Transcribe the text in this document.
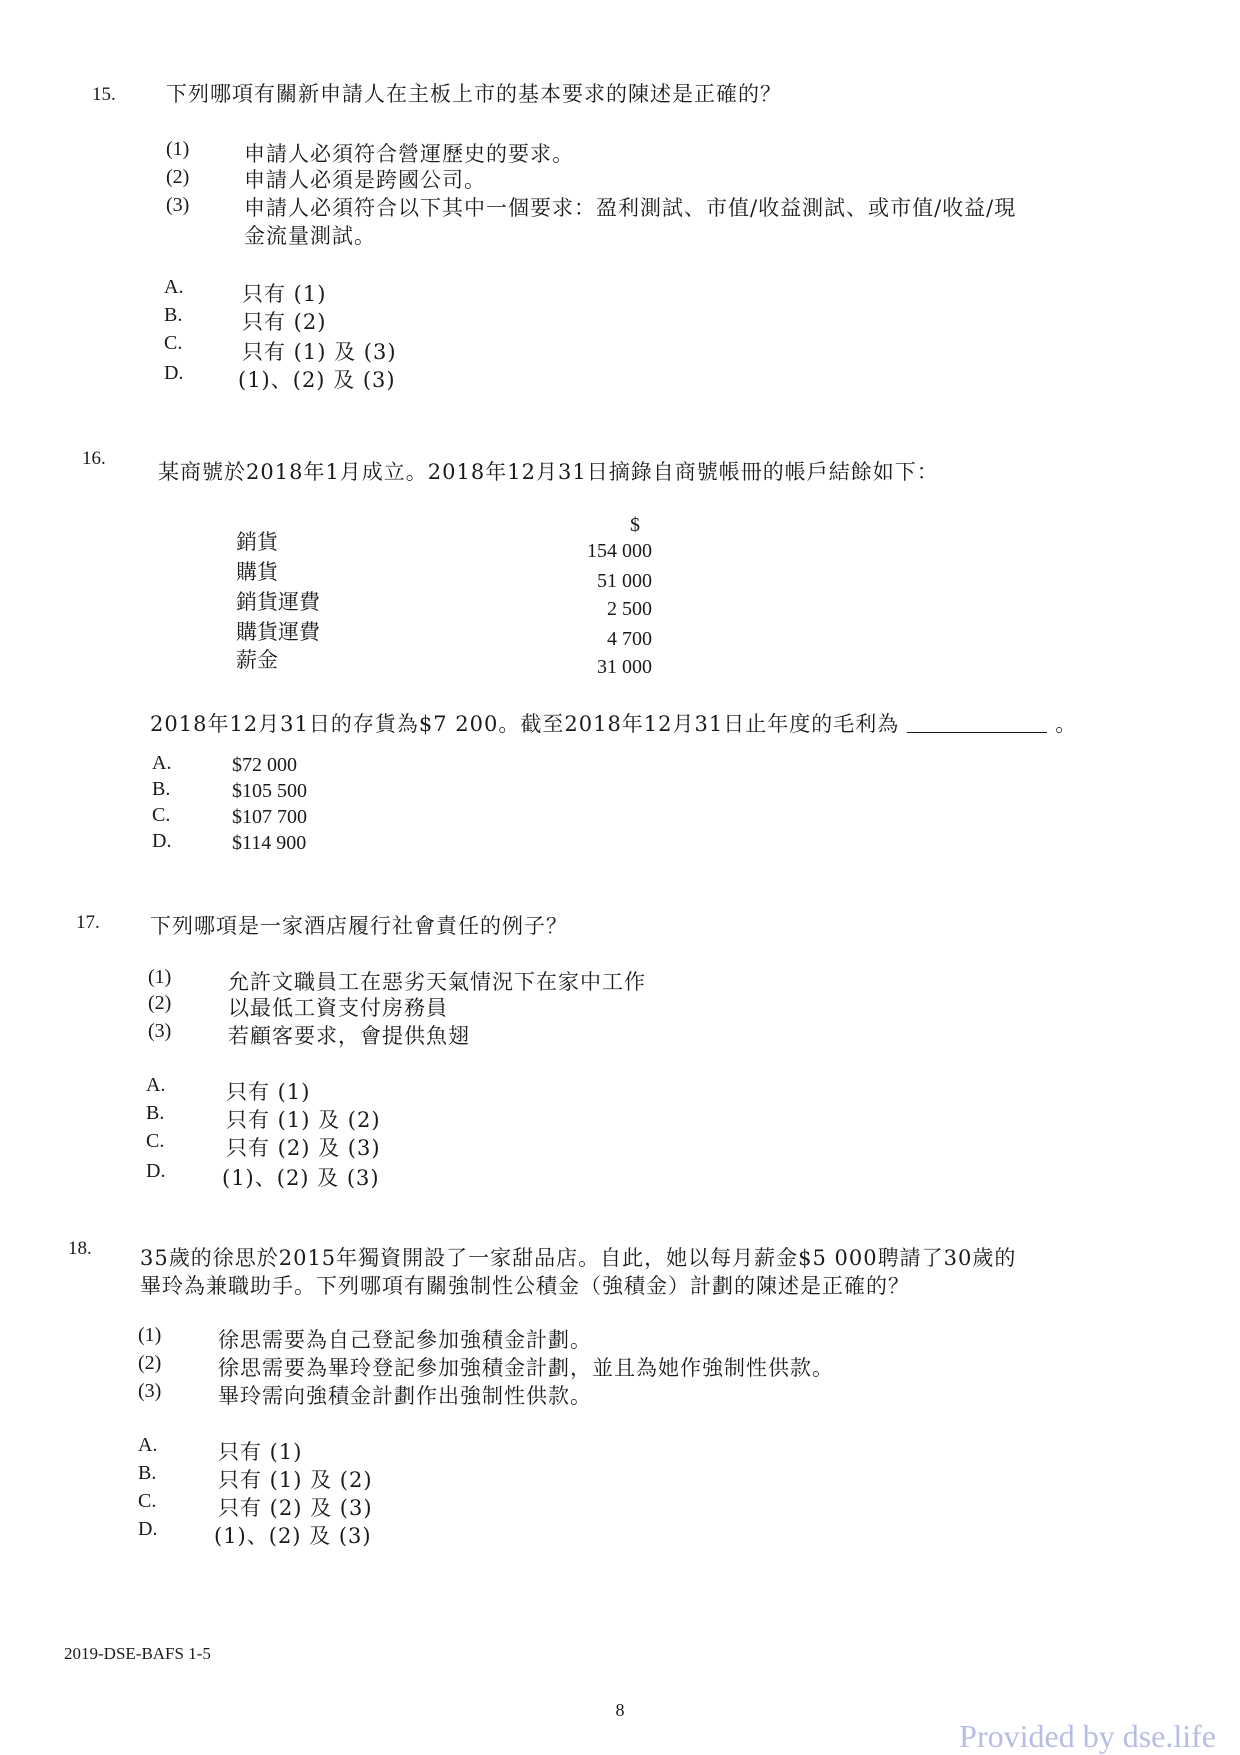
15. 下列哪項有關新申請人在主板上市的基本要求的陳述是正確的？
(1)	申請人必須符合營運歷史的要求。
(2)	申請人必須是跨國公司。
(3)	申請人必須符合以下其中一個要求：盈利測試、市值/收益測試、或市值/收益/現
金流量測試。
A.	只有 (1)
B.	只有 (2)
C.	只有 (1) 及 (3)
D.	(1)、(2) 及 (3)
16.
某商號於2018年1月成立。2018年12月31日摘錄自商號帳冊的帳戶結餘如下：
$
銷貨	154 000
購貨	51 000
銷貨運費	2 500
購貨運費	4 700
薪金	31 000
2018年12月31日的存貨為$7 200。截至2018年12月31日止年度的毛利為	。
A.	$72 000
B.	$105 500
C.	$107 700
D.	$114 900
17. 下列哪項是一家酒店履行社會責任的例子？
(1)	允許文職員工在惡劣天氣情況下在家中工作
(2)	以最低工資支付房務員
(3)	若顧客要求，會提供魚翅
A.	只有 (1)
B.	只有 (1) 及 (2)
C.	只有 (2) 及 (3)
D.	(1)、(2) 及 (3)
18. 35歲的徐思於2015年獨資開設了一家甜品店。自此，她以每月薪金$5 000聘請了30歲的
畢玲為兼職助手。下列哪項有關強制性公積金（強積金）計劃的陳述是正確的？
(1)	徐思需要為自己登記參加強積金計劃。
(2)	徐思需要為畢玲登記參加強積金計劃，並且為她作強制性供款。
(3)	畢玲需向強積金計劃作出強制性供款。
A.	只有 (1)
B.	只有 (1) 及 (2)
C.	只有 (2) 及 (3)
D.	(1)、(2) 及 (3)
2019-DSE-BAFS 1-5
8
Provided by dse.life
